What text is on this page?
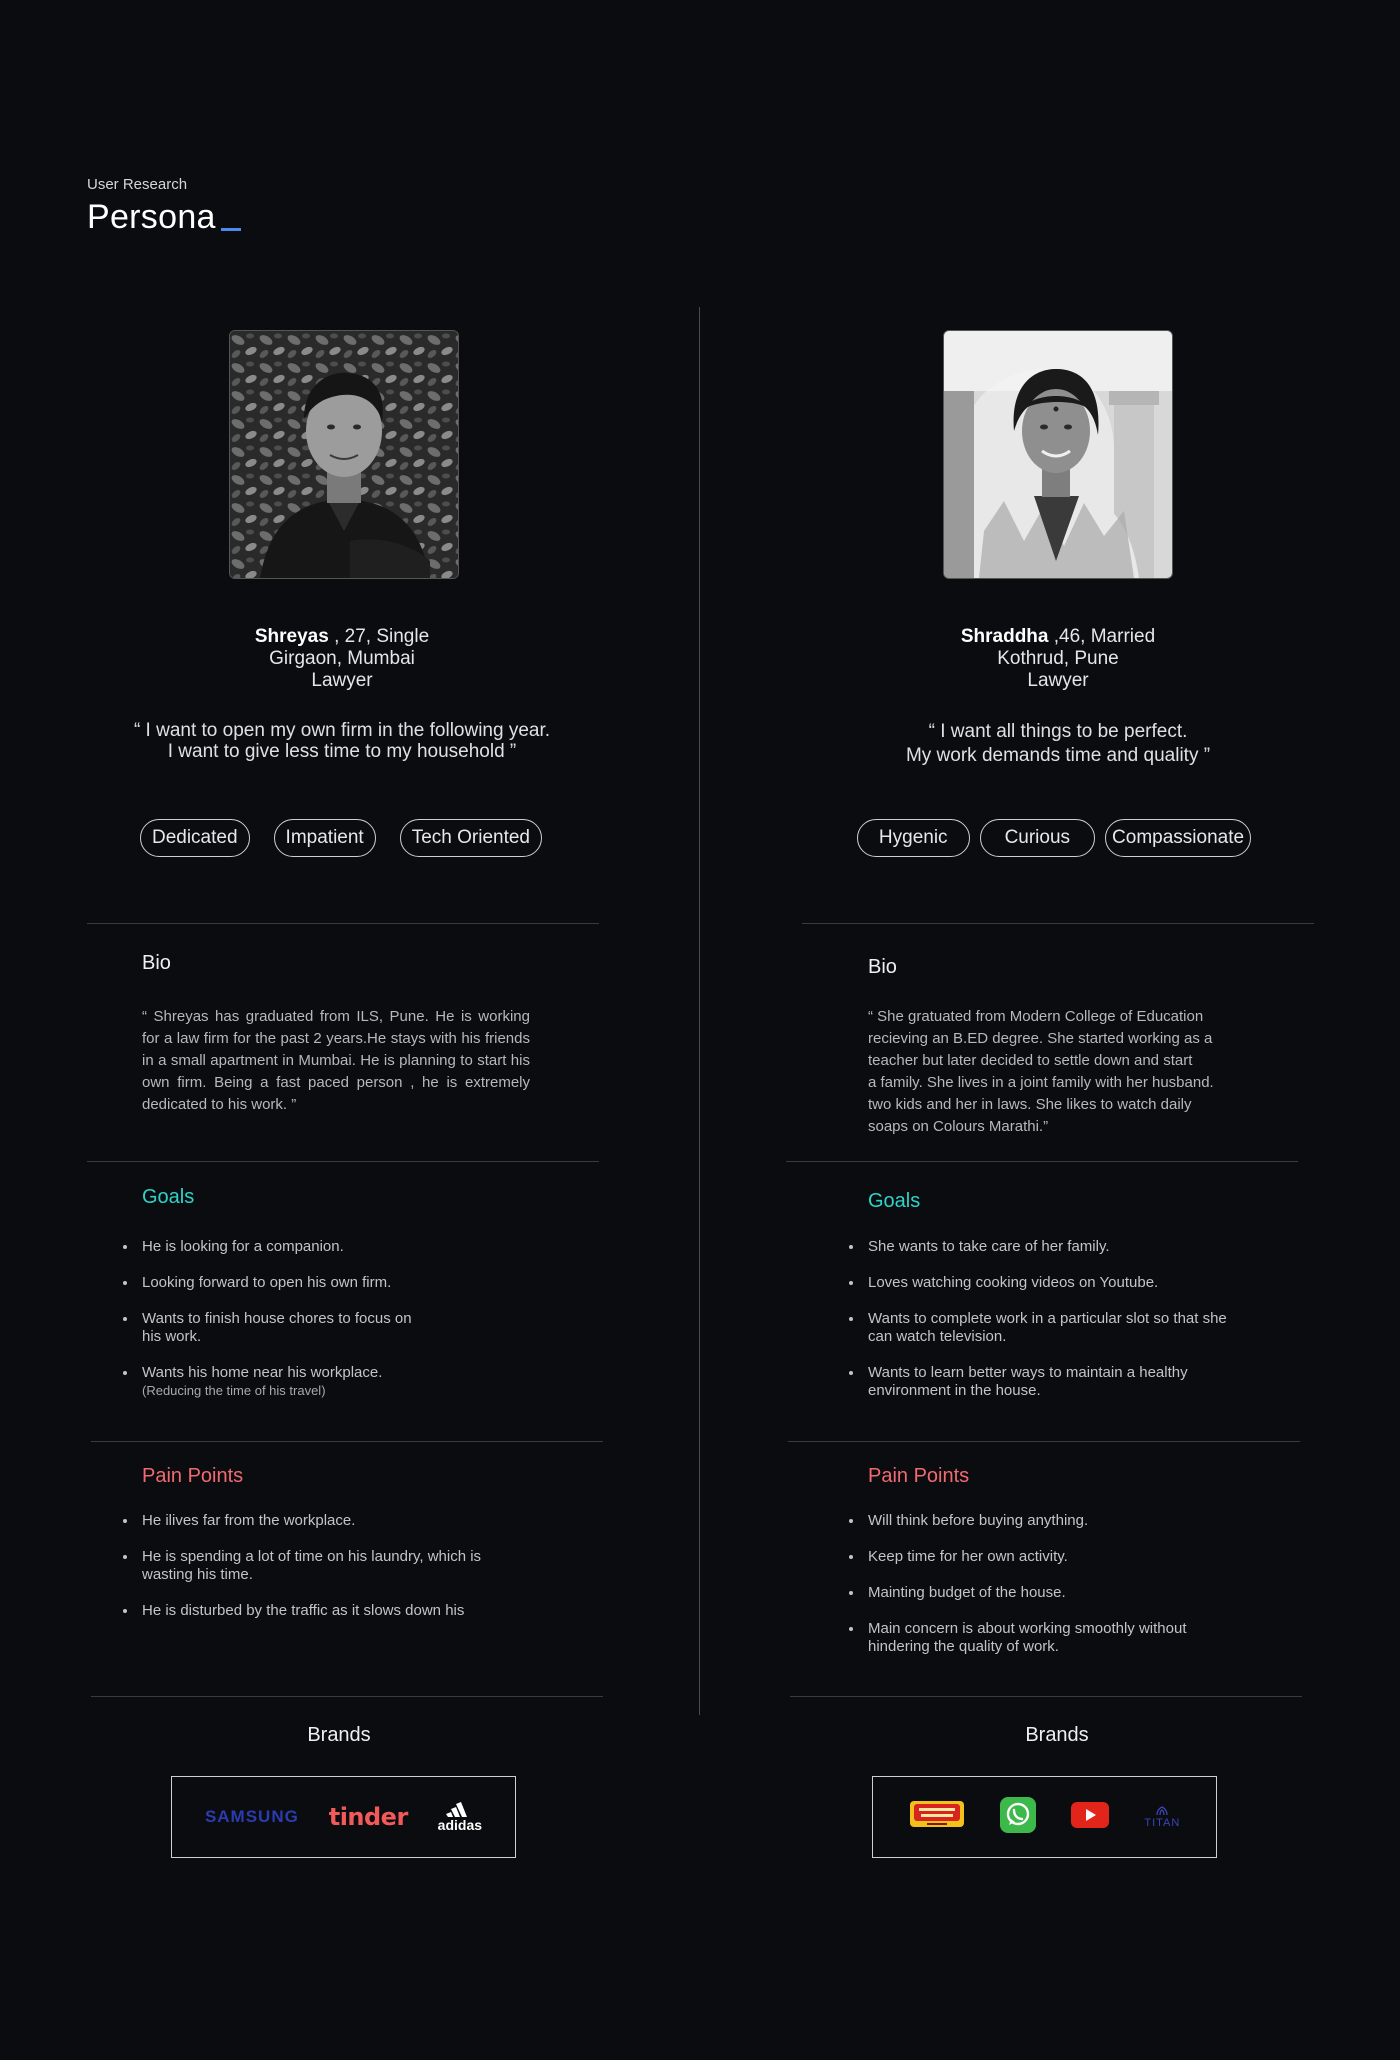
User Research
Persona
Shreyas , 27, Single
Girgaon, Mumbai
Lawyer
“ I want to open my own firm in the following year.
I want to give less time to my household ”
Dedicated	Impatient	Tech Oriented
Bio
“ Shreyas has graduated from ILS, Pune. He is working for a law firm for the past 2 years.He stays with his friends in a small apartment in Mumbai. He is planning to start his own firm. Being a fast paced person , he is extremely dedicated to his work. ”
Goals
He is looking for a companion.
Looking forward to open his own firm.
Wants to finish house chores to focus on his work.
Wants his home near his workplace.
(Reducing the time of his travel)
Pain Points
He ilives far from the workplace.
He is spending a lot of time on his laundry, which is wasting his time.
He is disturbed by the traffic as it slows down his
Brands
SAMSUNG tinder adidas
Shraddha ,46, Married
Kothrud, Pune
Lawyer
“ I want all things to be perfect.
My work demands time and quality ”
Hygenic	Curious	Compassionate
Bio
“ She gratuated from Modern College of Education
recieving an B.ED degree. She started working as a
teacher but later decided to settle down and start
a family. She lives in a joint family with her husband.
two kids and her in laws. She likes to watch daily
soaps on Colours Marathi.”
Goals
She wants to take care of her family.
Loves watching cooking videos on Youtube.
Wants to complete work in a particular slot so that she can watch television.
Wants to learn better ways to maintain a healthy environment in the house.
Pain Points
Will think before buying anything.
Keep time for her own activity.
Mainting budget of the house.
Main concern is about working smoothly without hindering the quality of work.
Brands
TITAN
